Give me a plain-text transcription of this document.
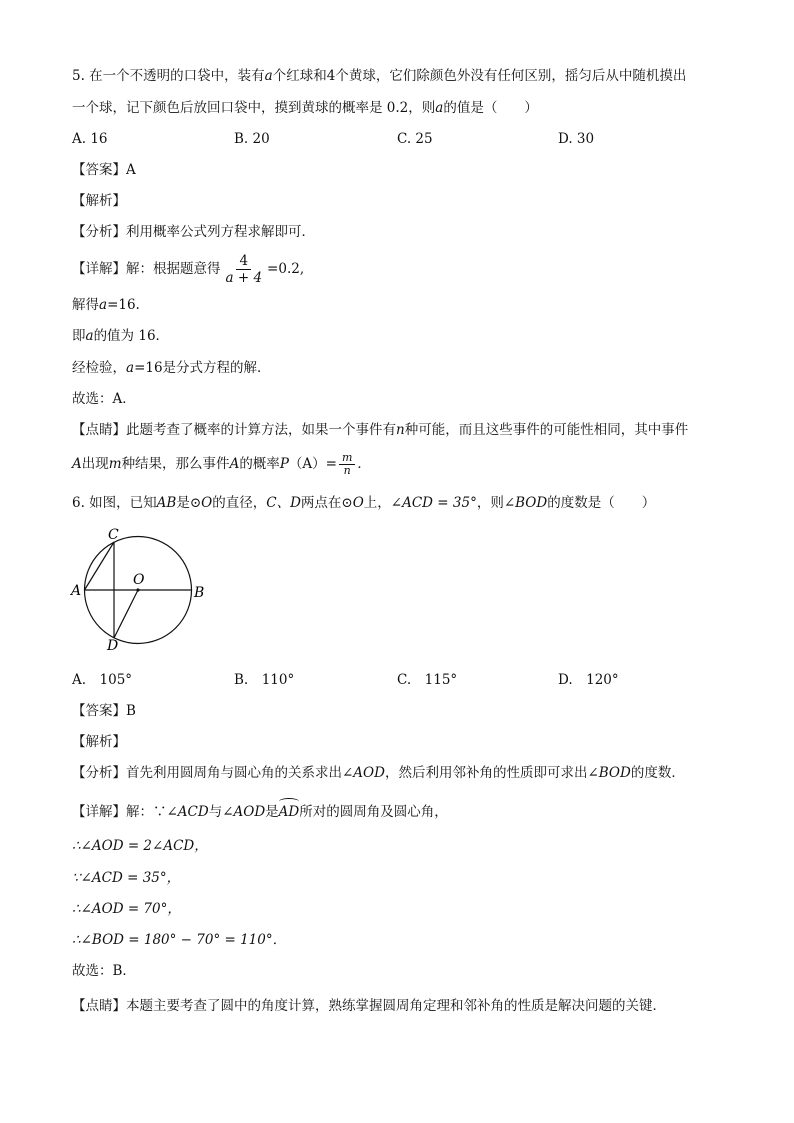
5. 在一个不透明的口袋中，装有a个红球和4个黄球，它们除颜色外没有任何区别，摇匀后从中随机摸出
一个球，记下颜色后放回口袋中，摸到黄球的概率是 0.2，则a的值是（　　）
A. 16	B. 20	C. 25	D. 30
【答案】A
【解析】
【分析】利用概率公式列方程求解即可．
【详解】解：根据题意得 $\frac{4}{a + 4} =0.2$,
解得a=16.
即a的值为 16．
经检验，a=16是分式方程的解．
故选：A．
【点睛】此题考查了概率的计算方法，如果一个事件有n种可能，而且这些事件的可能性相同，其中事件
A出现m种结果，那么事件A的概率$P(A)= \frac{m}{n}$ ．
6. 如图，已知AB是⊙O的直径，C、D两点在⊙O上，∠ACD = 35°，则∠BOD的度数是（　　）
C
O
A	B
D
A.　105°	B.　110°	C.　115°	D.　120°
【答案】B
【解析】
【分析】首先利用圆周角与圆心角的关系求出∠AOD，然后利用邻补角的性质即可求出∠BOD的度数．
【详解】解：∵∠ACD与∠AOD是AD所对的圆周角及圆心角，
∴∠AOD = 2∠ACD，
∵∠ACD = 35°，
∴∠AOD = 70°，
∴∠BOD = 180° − 70° = 110°．
故选：B．
【点睛】本题主要考查了圆中的角度计算，熟练掌握圆周角定理和邻补角的性质是解决问题的关键．
